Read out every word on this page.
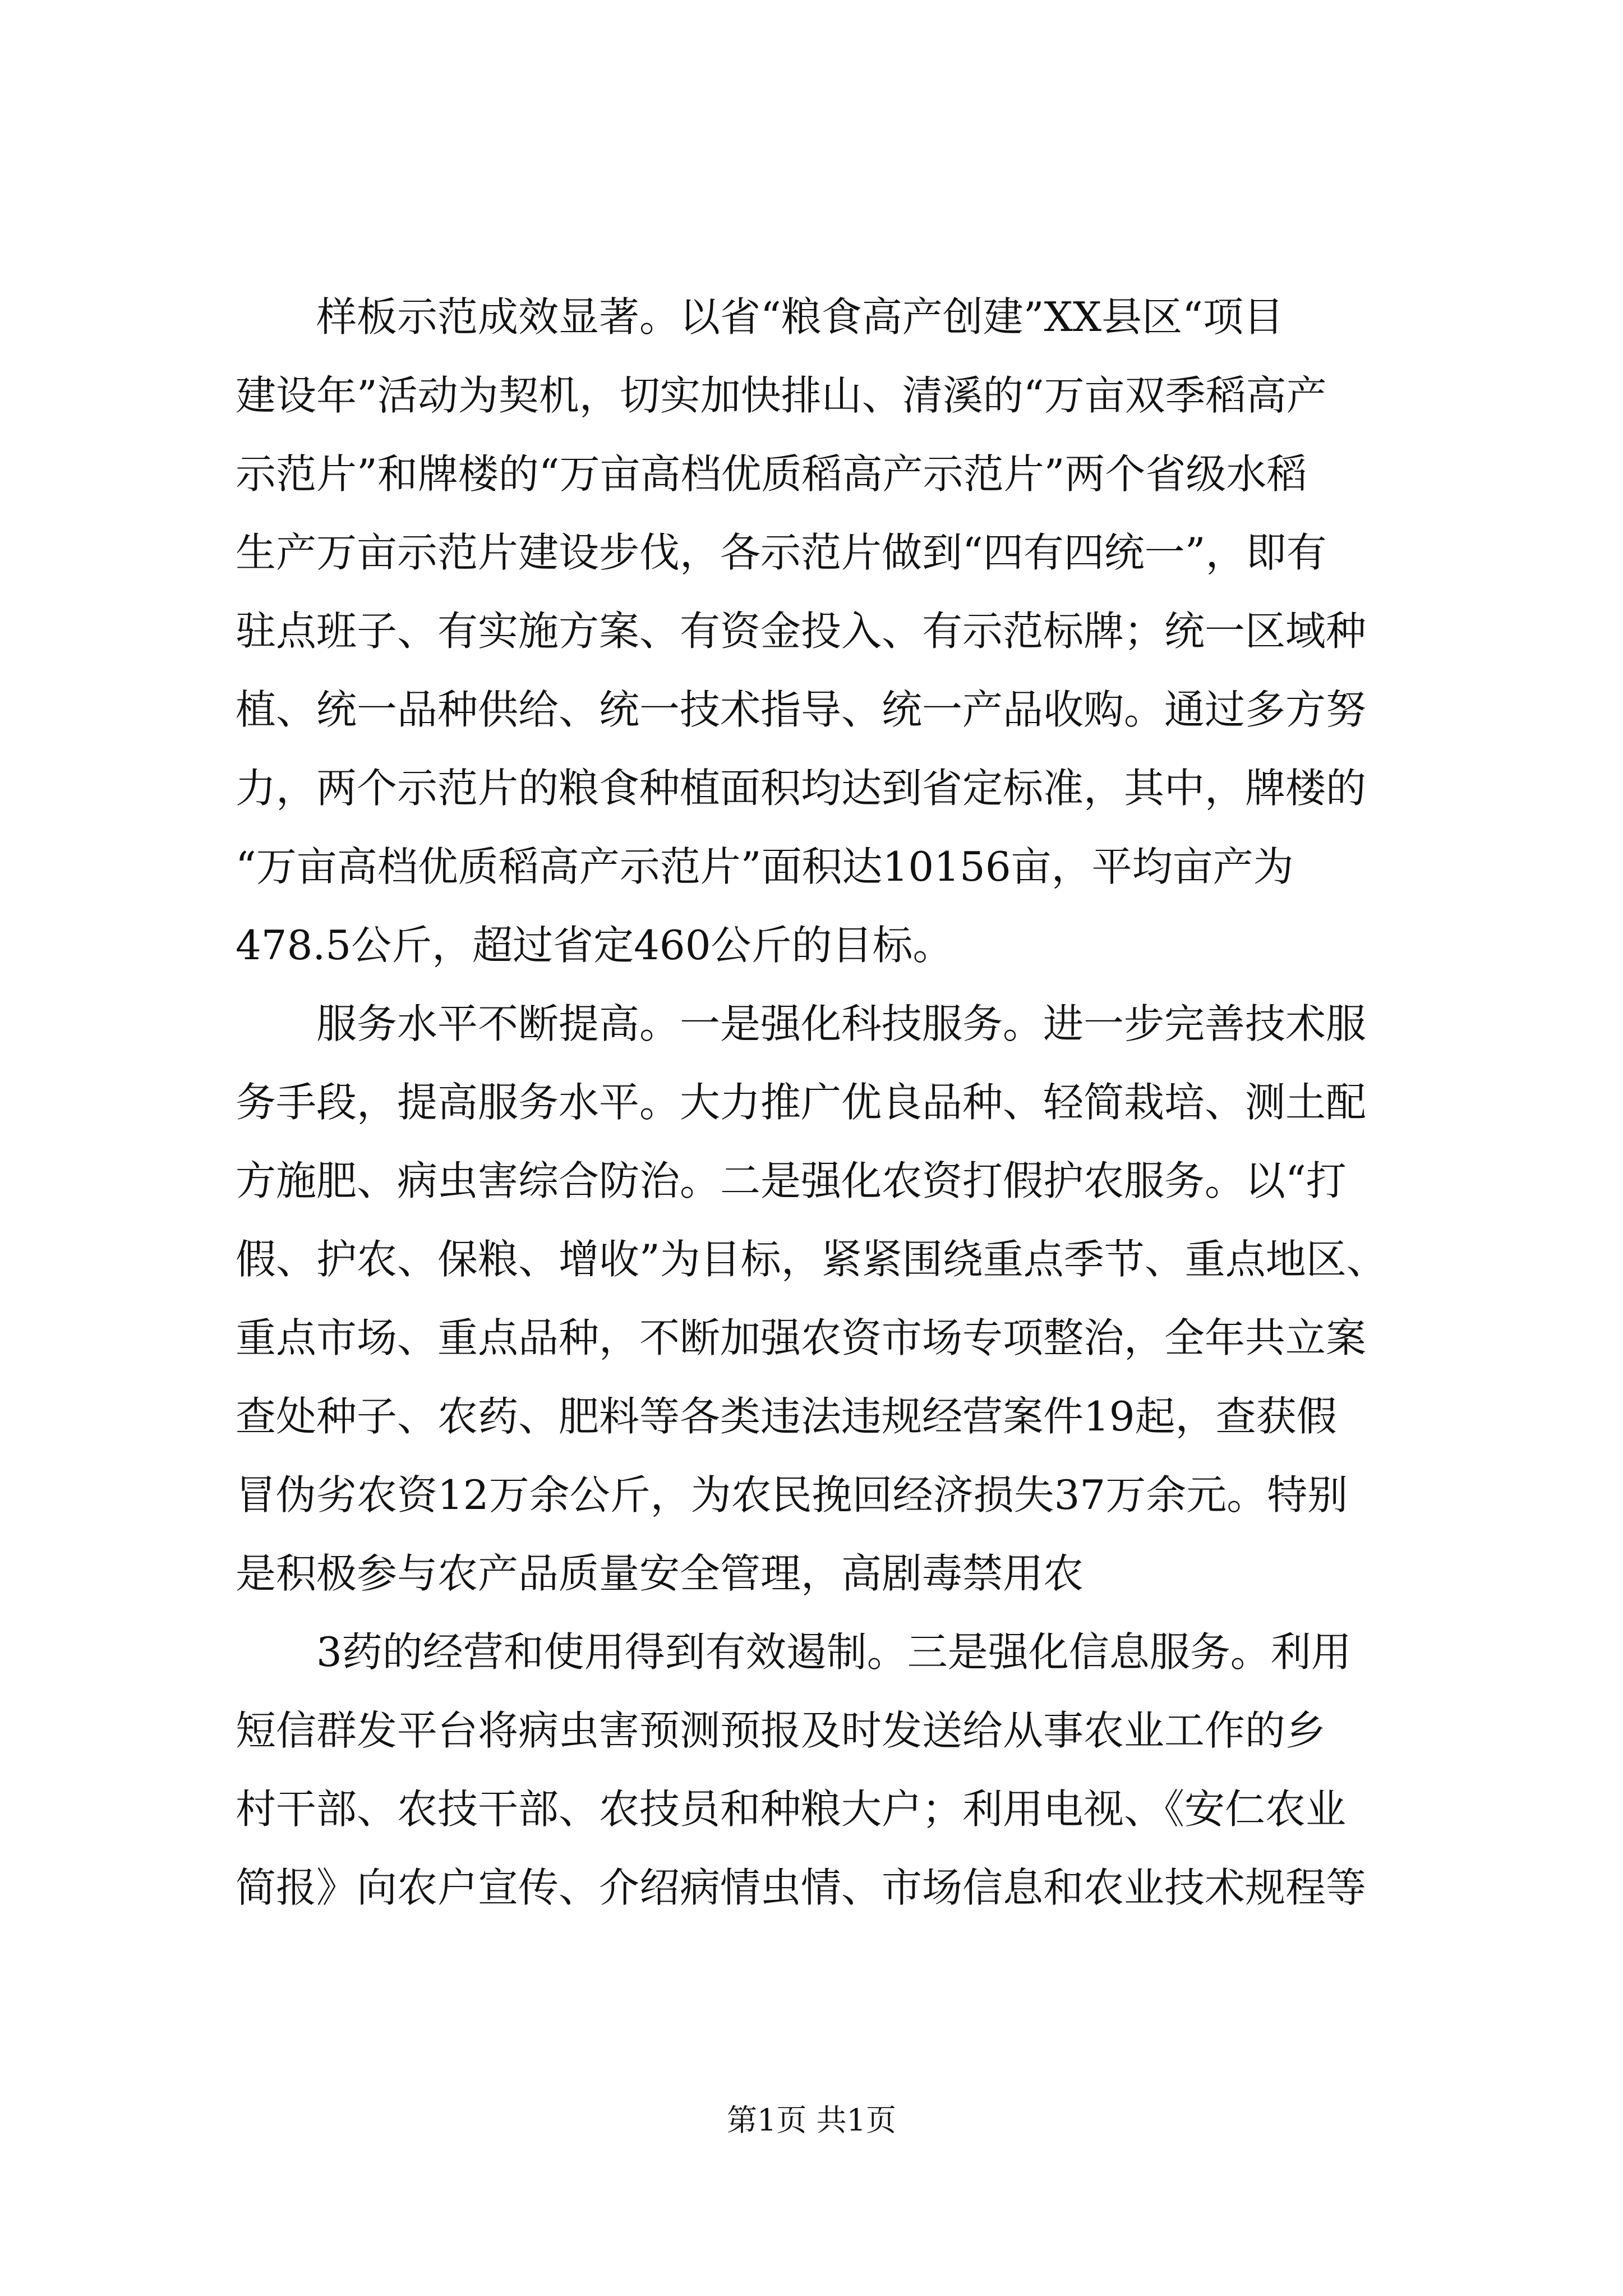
样板示范成效显著。以省“粮食高产创建”XX县区“项目
建设年”活动为契机，切实加快排山、清溪的“万亩双季稻高产
示范片”和牌楼的“万亩高档优质稻高产示范片”两个省级水稻
生产万亩示范片建设步伐，各示范片做到“四有四统一”，即有
驻点班子、有实施方案、有资金投入、有示范标牌；统一区域种
植、统一品种供给、统一技术指导、统一产品收购。通过多方努
力，两个示范片的粮食种植面积均达到省定标准，其中，牌楼的
“万亩高档优质稻高产示范片”面积达10156亩，平均亩产为
478.5公斤，超过省定460公斤的目标。
服务水平不断提高。一是强化科技服务。进一步完善技术服
务手段，提高服务水平。大力推广优良品种、轻简栽培、测土配
方施肥、病虫害综合防治。二是强化农资打假护农服务。以“打
假、护农、保粮、增收”为目标，紧紧围绕重点季节、重点地区、
重点市场、重点品种，不断加强农资市场专项整治，全年共立案
查处种子、农药、肥料等各类违法违规经营案件19起，查获假
冒伪劣农资12万余公斤，为农民挽回经济损失37万余元。特别
是积极参与农产品质量安全管理，高剧毒禁用农
3药的经营和使用得到有效遏制。三是强化信息服务。利用
短信群发平台将病虫害预测预报及时发送给从事农业工作的乡
村干部、农技干部、农技员和种粮大户；利用电视、《安仁农业
简报》向农户宣传、介绍病情虫情、市场信息和农业技术规程等
第1页 共1页
